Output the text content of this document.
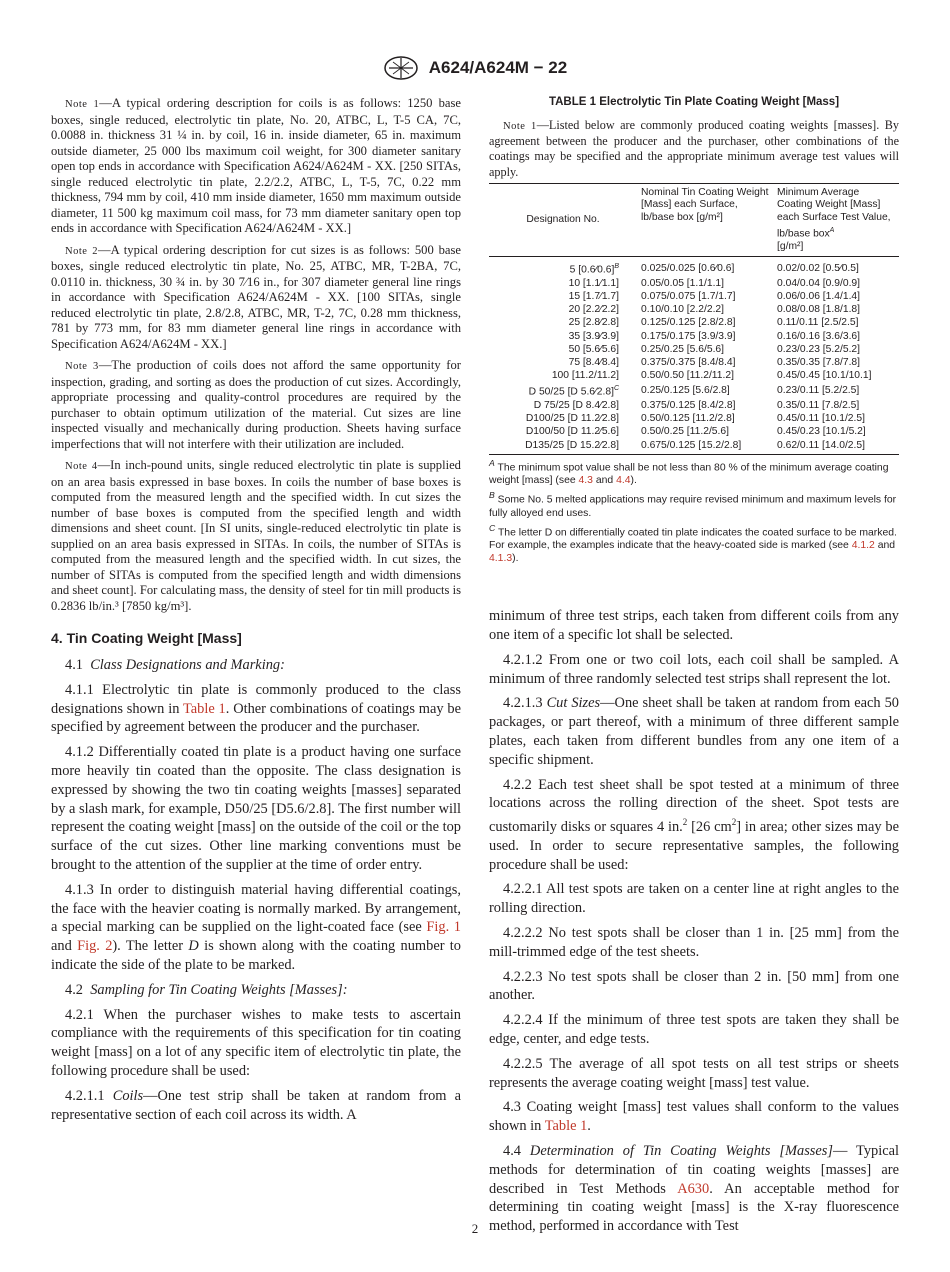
A624/A624M − 22

Note 1—A typical ordering description for coils is as follows: 1250 base boxes, single reduced, electrolytic tin plate, No. 20, ATBC, L, T-5 CA, 7C, 0.0088 in. thickness 31 ¼ in. by coil, 16 in. inside diameter, 65 in. maximum outside diameter, 25 000 lbs maximum coil weight, for 300 diameter sanitary open top ends in accordance with Specification A624/A624M - XX. [250 SITAs, single reduced electrolytic tin plate, 2.2/2.2, ATBC, L, T-5, 7C, 0.22 mm thickness, 794 mm by coil, 410 mm inside diameter, 1650 mm maximum outside diameter, 11 500 kg maximum coil mass, for 73 mm diameter sanitary open top ends in accordance with Specification A624/A624M - XX.]

Note 2—A typical ordering description for cut sizes is as follows: 500 base boxes, single reduced electrolytic tin plate, No. 25, ATBC, MR, T-2BA, 7C, 0.0110 in. thickness, 30 ¾ in. by 30 7⁄16 in., for 307 diameter general line rings in accordance with Specification A624/A624M - XX. [100 SITAs, single reduced electrolytic tin plate, 2.8/2.8, ATBC, MR, T-2, 7C, 0.28 mm thickness, 781 by 773 mm, for 83 mm diameter general line rings in accordance with Specification A624/A624M - XX.]

Note 3—The production of coils does not afford the same opportunity for inspection, grading, and sorting as does the production of cut sizes. Accordingly, appropriate processing and quality-control procedures are required by the purchaser to obtain optimum utilization of the material. Cut sizes are line inspected visually and mechanically during production. Sheets having surface imperfections that will not interfere with their utilization are included.

Note 4—In inch-pound units, single reduced electrolytic tin plate is supplied on an area basis expressed in base boxes. In coils the number of base boxes is computed from the measured length and the specified width. In cut sizes the number of base boxes is computed from the specified length and width dimensions and sheet count. [In SI units, single-reduced electrolytic tin plate is supplied on an area basis expressed in SITAs. In coils, the number of SITAs is computed from the measured length and the specified width. In cut sizes, the number of SITAs is computed from the specified length and width dimensions and sheet count]. For calculating mass, the density of steel for tin mill products is 0.2836 lb/in.³ [7850 kg/m³].

4. Tin Coating Weight [Mass]

4.1 Class Designations and Marking:

4.1.1 Electrolytic tin plate is commonly produced to the class designations shown in Table 1. Other combinations of coatings may be specified by agreement between the producer and the purchaser.

4.1.2 Differentially coated tin plate is a product having one surface more heavily tin coated than the opposite. The class designation is expressed by showing the two tin coating weights [masses] separated by a slash mark, for example, D50/25 [D5.6/2.8]. The first number will represent the coating weight [mass] on the outside of the coil or the top surface of the cut sizes. Other line marking conventions must be brought to the attention of the supplier at the time of order entry.

4.1.3 In order to distinguish material having differential coatings, the face with the heavier coating is normally marked. By arrangement, a special marking can be supplied on the light-coated face (see Fig. 1 and Fig. 2). The letter D is shown along with the coating number to indicate the side of the plate to be marked.

4.2 Sampling for Tin Coating Weights [Masses]:

4.2.1 When the purchaser wishes to make tests to ascertain compliance with the requirements of this specification for tin coating weight [mass] on a lot of any specific item of electrolytic tin plate, the following procedure shall be used:

4.2.1.1 Coils—One test strip shall be taken at random from a representative section of each coil across its width. A

TABLE 1 Electrolytic Tin Plate Coating Weight [Mass]

Note 1—Listed below are commonly produced coating weights [masses]. By agreement between the producer and the purchaser, other combinations of the coatings may be specified and the appropriate minimum average test values will apply.

Designation No.	Nominal Tin Coating Weight [Mass] each Surface, lb/base box [g/m²]	Minimum Average Coating Weight [Mass] each Surface Test Value, lb/base box$^A$
[g/m²]
5 [0.6⁄0.6]$^B$	0.025/0.025 [0.6⁄0.6]	0.02/0.02 [0.5⁄0.5]
10 [1.1⁄1.1]	0.05/0.05 [1.1/1.1]	0.04/0.04 [0.9/0.9]
15 [1.7⁄1.7]	0.075/0.075 [1.7/1.7]	0.06/0.06 [1.4/1.4]
20 [2.2⁄2.2]	0.10/0.10 [2.2/2.2]	0.08/0.08 [1.8/1.8]
25 [2.8⁄2.8]	0.125/0.125 [2.8/2.8]	0.11/0.11 [2.5/2.5]
35 [3.9⁄3.9]	0.175/0.175 [3.9/3.9]	0.16/0.16 [3.6/3.6]
50 [5.6⁄5.6]	0.25/0.25 [5.6/5.6]	0.23/0.23 [5.2/5.2]
75 [8.4⁄8.4]	0.375/0.375 [8.4/8.4]	0.35/0.35 [7.8/7.8]
100 [11.2/11.2]	0.50/0.50 [11.2/11.2]	0.45/0.45 [10.1/10.1]
D 50/25 [D 5.6⁄2.8]$^C$	0.25/0.125 [5.6/2.8]	0.23/0.11 [5.2/2.5]
D 75/25 [D 8.4⁄2.8]	0.375/0.125 [8.4/2.8]	0.35/0.11 [7.8/2.5]
D100/25 [D 11.2⁄2.8]	0.50/0.125 [11.2/2.8]	0.45/0.11 [10.1/2.5]
D100/50 [D 11.2⁄5.6]	0.50/0.25 [11.2/5.6]	0.45/0.23 [10.1/5.2]
D135/25 [D 15.2⁄2.8]	0.675/0.125 [15.2/2.8]	0.62/0.11 [14.0/2.5]

$^A$ The minimum spot value shall be not less than 80 % of the minimum average coating weight [mass] (see 4.3 and 4.4).

$^B$ Some No. 5 melted applications may require revised minimum and maximum levels for fully alloyed end uses.

$^C$ The letter D on differentially coated tin plate indicates the coated surface to be marked. For example, the examples indicate that the heavy-coated side is marked (see 4.1.2 and 4.1.3).

minimum of three test strips, each taken from different coils from any one item of a specific lot shall be selected.

4.2.1.2 From one or two coil lots, each coil shall be sampled. A minimum of three randomly selected test strips shall represent the lot.

4.2.1.3 Cut Sizes—One sheet shall be taken at random from each 50 packages, or part thereof, with a minimum of three different sample plates, each taken from different bundles from any one item of a specific shipment.

4.2.2 Each test sheet shall be spot tested at a minimum of three locations across the rolling direction of the sheet. Spot tests are customarily disks or squares 4 in.$^2$ [26 $cm^2$] in area; other sizes may be used. In order to secure representative samples, the following procedure shall be used:

4.2.2.1 All test spots are taken on a center line at right angles to the rolling direction.

4.2.2.2 No test spots shall be closer than 1 in. [25 mm] from the mill-trimmed edge of the test sheets.

4.2.2.3 No test spots shall be closer than 2 in. [50 mm] from one another.

4.2.2.4 If the minimum of three test spots are taken they shall be edge, center, and edge tests.

4.2.2.5 The average of all spot tests on all test strips or sheets represents the average coating weight [mass] test value.

4.3 Coating weight [mass] test values shall conform to the values shown in Table 1.

4.4 Determination of Tin Coating Weights [Masses]— Typical methods for determination of tin coating weights [masses] are described in Test Methods A630. An acceptable method for determining tin coating weight [mass] is the X-ray fluorescence method, performed in accordance with Test

2
